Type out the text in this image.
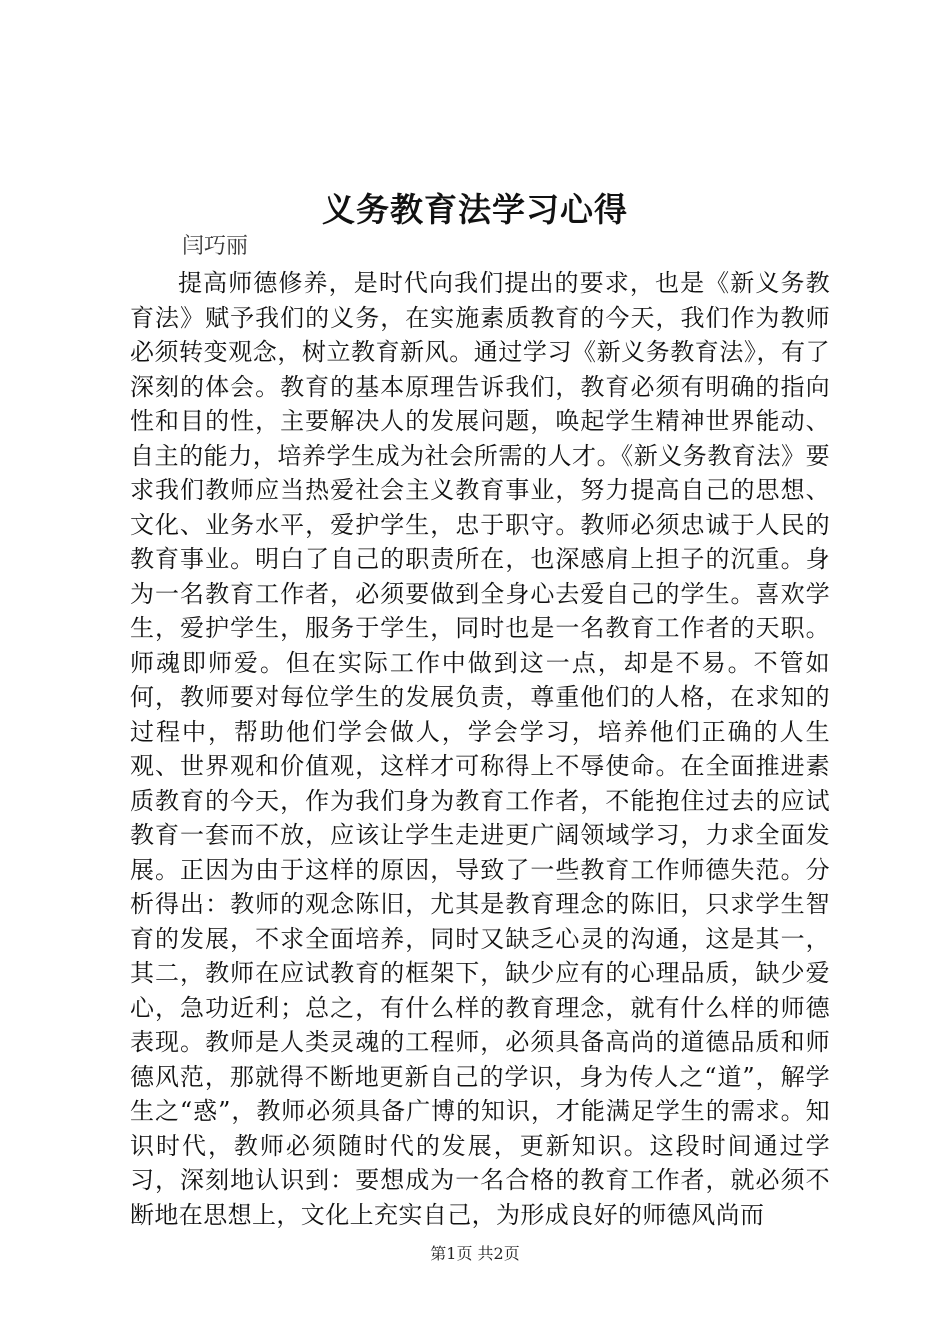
义务教育法学习心得
闫巧丽

提高师德修养，是时代向我们提出的要求，也是《新义务教育法》赋予我们的义务，在实施素质教育的今天，我们作为教师必须转变观念，树立教育新风。通过学习《新义务教育法》，有了深刻的体会。教育的基本原理告诉我们，教育必须有明确的指向性和目的性，主要解决人的发展问题，唤起学生精神世界能动、自主的能力，培养学生成为社会所需的人才。《新义务教育法》要求我们教师应当热爱社会主义教育事业，努力提高自己的思想、文化、业务水平，爱护学生，忠于职守。教师必须忠诚于人民的教育事业。明白了自己的职责所在，也深感肩上担子的沉重。身为一名教育工作者，必须要做到全身心去爱自己的学生。喜欢学生，爱护学生，服务于学生，同时也是一名教育工作者的天职。师魂即师爱。但在实际工作中做到这一点，却是不易。不管如何，教师要对每位学生的发展负责，尊重他们的人格，在求知的过程中，帮助他们学会做人，学会学习，培养他们正确的人生观、世界观和价值观，这样才可称得上不辱使命。在全面推进素质教育的今天，作为我们身为教育工作者，不能抱住过去的应试教育一套而不放，应该让学生走进更广阔领域学习，力求全面发展。正因为由于这样的原因，导致了一些教育工作师德失范。分析得出：教师的观念陈旧，尤其是教育理念的陈旧，只求学生智育的发展，不求全面培养，同时又缺乏心灵的沟通，这是其一，其二，教师在应试教育的框架下，缺少应有的心理品质，缺少爱心，急功近利；总之，有什么样的教育理念，就有什么样的师德表现。教师是人类灵魂的工程师，必须具备高尚的道德品质和师德风范，那就得不断地更新自己的学识，身为传人之“道”，解学生之“惑”，教师必须具备广博的知识，才能满足学生的需求。知识时代，教师必须随时代的发展，更新知识。这段时间通过学习，深刻地认识到：要想成为一名合格的教育工作者，就必须不断地在思想上，文化上充实自己，为形成良好的师德风尚而

第1页 共2页
